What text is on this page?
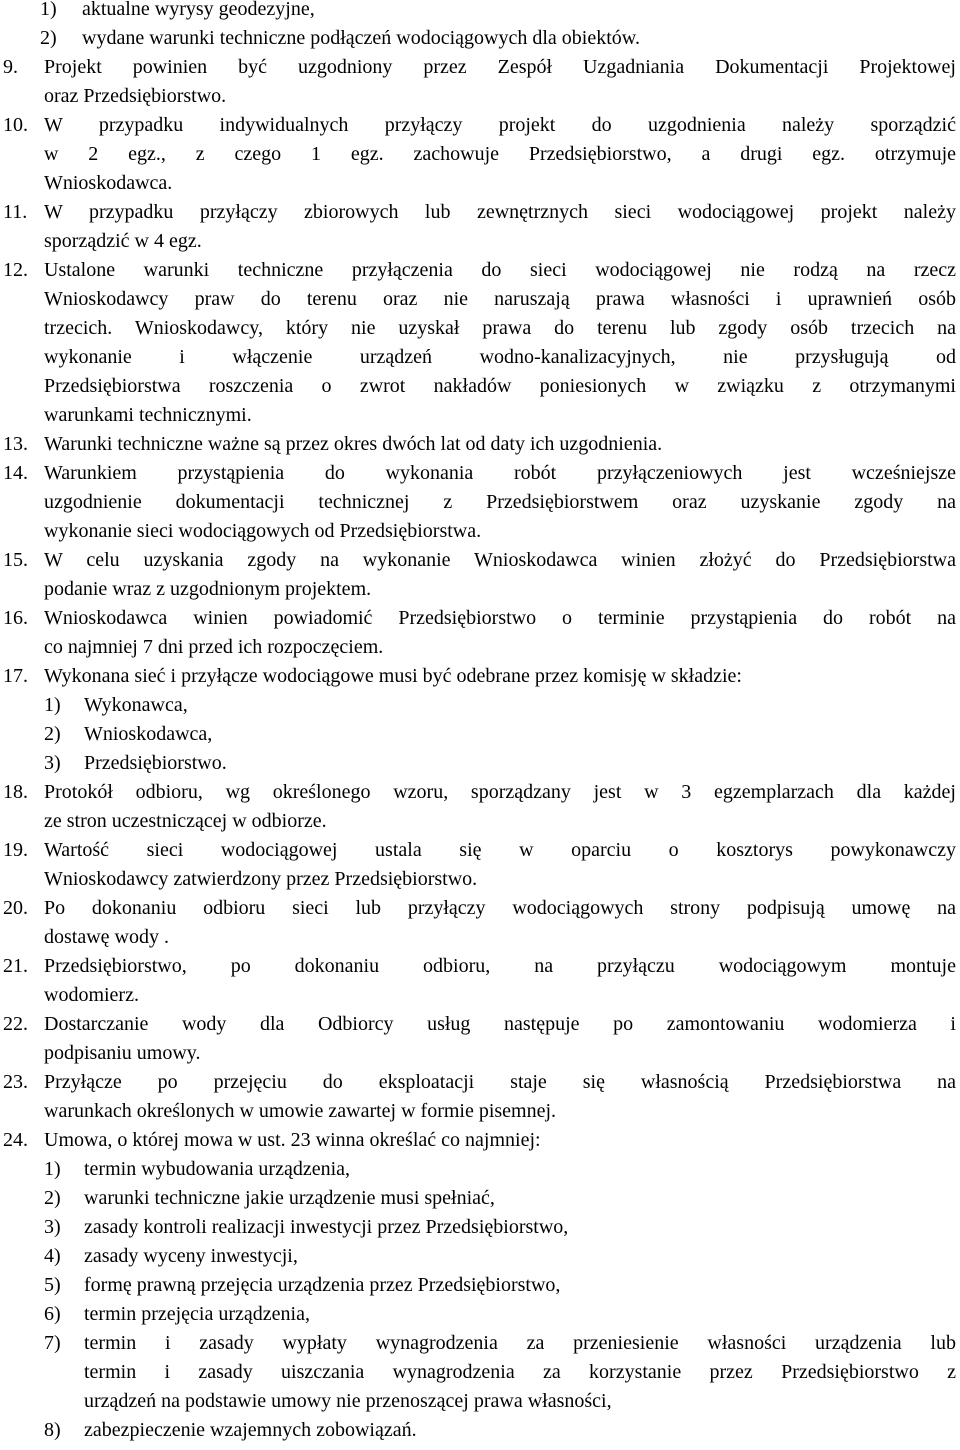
1) aktualne wyrysy geodezyjne,
2) wydane warunki techniczne podłączeń wodociągowych dla obiektów.
9. Projekt powinien być uzgodniony przez Zespół Uzgadniania Dokumentacji Projektowej
oraz Przedsiębiorstwo.
10. W przypadku indywidualnych przyłączy projekt do uzgodnienia należy sporządzić
w 2 egz., z czego 1 egz. zachowuje Przedsiębiorstwo, a drugi egz. otrzymuje
Wnioskodawca.
11. W przypadku przyłączy zbiorowych lub zewnętrznych sieci wodociągowej projekt należy
sporządzić w 4 egz.
12. Ustalone warunki techniczne przyłączenia do sieci wodociągowej nie rodzą na rzecz
Wnioskodawcy praw do terenu oraz nie naruszają prawa własności i uprawnień osób
trzecich. Wnioskodawcy, który nie uzyskał prawa do terenu lub zgody osób trzecich na
wykonanie i włączenie urządzeń wodno-kanalizacyjnych, nie przysługują od
Przedsiębiorstwa roszczenia o zwrot nakładów poniesionych w związku z otrzymanymi
warunkami technicznymi.
13. Warunki techniczne ważne są przez okres dwóch lat od daty ich uzgodnienia.
14. Warunkiem przystąpienia do wykonania robót przyłączeniowych jest wcześniejsze
uzgodnienie dokumentacji technicznej z Przedsiębiorstwem oraz uzyskanie zgody na
wykonanie sieci wodociągowych od Przedsiębiorstwa.
15. W celu uzyskania zgody na wykonanie Wnioskodawca winien złożyć do Przedsiębiorstwa
podanie wraz z uzgodnionym projektem.
16. Wnioskodawca winien powiadomić Przedsiębiorstwo o terminie przystąpienia do robót na
co najmniej 7 dni przed ich rozpoczęciem.
17. Wykonana sieć i przyłącze wodociągowe musi być odebrane przez komisję w składzie:
1) Wykonawca,
2) Wnioskodawca,
3) Przedsiębiorstwo.
18. Protokół odbioru, wg określonego wzoru, sporządzany jest w 3 egzemplarzach dla każdej
ze stron uczestniczącej w odbiorze.
19. Wartość sieci wodociągowej ustala się w oparciu o kosztorys powykonawczy
Wnioskodawcy zatwierdzony przez Przedsiębiorstwo.
20. Po dokonaniu odbioru sieci lub przyłączy wodociągowych strony podpisują umowę na
dostawę wody .
21. Przedsiębiorstwo, po dokonaniu odbioru, na przyłączu wodociągowym montuje
wodomierz.
22. Dostarczanie wody dla Odbiorcy usług następuje po zamontowaniu wodomierza i
podpisaniu umowy.
23. Przyłącze po przejęciu do eksploatacji staje się własnością Przedsiębiorstwa na
warunkach określonych w umowie zawartej w formie pisemnej.
24. Umowa, o której mowa w ust. 23 winna określać co najmniej:
1) termin wybudowania urządzenia,
2) warunki techniczne jakie urządzenie musi spełniać,
3) zasady kontroli realizacji inwestycji przez Przedsiębiorstwo,
4) zasady wyceny inwestycji,
5) formę prawną przejęcia urządzenia przez Przedsiębiorstwo,
6) termin przejęcia urządzenia,
7) termin i zasady wypłaty wynagrodzenia za przeniesienie własności urządzenia lub
termin i zasady uiszczania wynagrodzenia za korzystanie przez Przedsiębiorstwo z
urządzeń na podstawie umowy nie przenoszącej prawa własności,
8) zabezpieczenie wzajemnych zobowiązań.
